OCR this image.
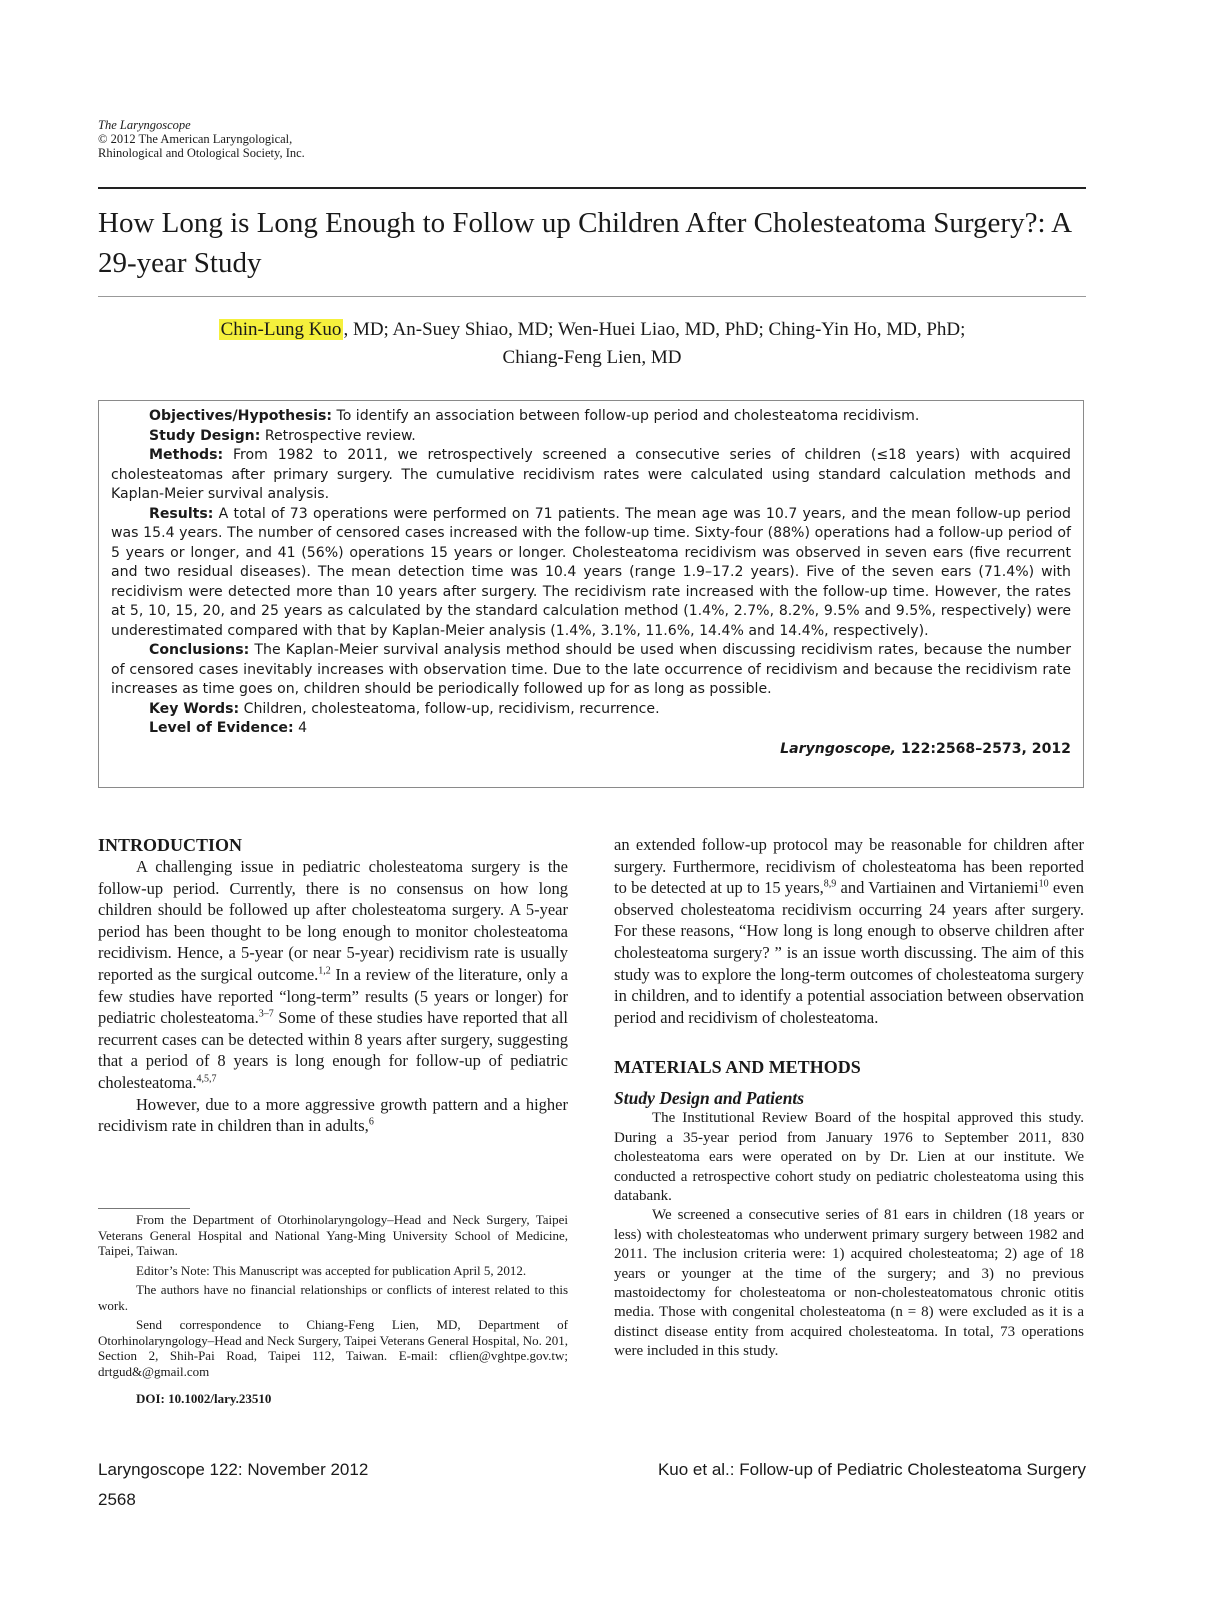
The Laryngoscope
© 2012 The American Laryngological,
Rhinological and Otological Society, Inc.
How Long is Long Enough to Follow up Children After Cholesteatoma Surgery?: A 29-year Study
Chin-Lung Kuo , MD; An-Suey Shiao, MD; Wen-Huei Liao, MD, PhD; Ching-Yin Ho, MD, PhD;
Chiang-Feng Lien, MD

Objectives/Hypothesis: To identify an association between follow-up period and cholesteatoma recidivism.

Study Design: Retrospective review.

Methods: From 1982 to 2011, we retrospectively screened a consecutive series of children (≤18 years) with acquired cholesteatomas after primary surgery. The cumulative recidivism rates were calculated using standard calculation methods and Kaplan-Meier survival analysis.

Results: A total of 73 operations were performed on 71 patients. The mean age was 10.7 years, and the mean follow-up period was 15.4 years. The number of censored cases increased with the follow-up time. Sixty-four (88%) operations had a follow-up period of 5 years or longer, and 41 (56%) operations 15 years or longer. Cholesteatoma recidivism was observed in seven ears (five recurrent and two residual diseases). The mean detection time was 10.4 years (range 1.9–17.2 years). Five of the seven ears (71.4%) with recidivism were detected more than 10 years after surgery. The recidivism rate increased with the follow-up time. However, the rates at 5, 10, 15, 20, and 25 years as calculated by the standard calculation method (1.4%, 2.7%, 8.2%, 9.5% and 9.5%, respectively) were underestimated compared with that by Kaplan-Meier analysis (1.4%, 3.1%, 11.6%, 14.4% and 14.4%, respectively).

Conclusions: The Kaplan-Meier survival analysis method should be used when discussing recidivism rates, because the number of censored cases inevitably increases with observation time. Due to the late occurrence of recidivism and because the recidivism rate increases as time goes on, children should be periodically followed up for as long as possible.

Key Words: Children, cholesteatoma, follow-up, recidivism, recurrence.

Level of Evidence: 4

Laryngoscope, 122:2568–2573, 2012
INTRODUCTION

A challenging issue in pediatric cholesteatoma surgery is the follow-up period. Currently, there is no consensus on how long children should be followed up after cholesteatoma surgery. A 5-year period has been thought to be long enough to monitor cholesteatoma recidivism. Hence, a 5-year (or near 5-year) recidivism rate is usually reported as the surgical outcome.$^{1,2}$ In a review of the literature, only a few studies have reported “long-term” results (5 years or longer) for pediatric cholesteatoma.$^{3-7}$ Some of these studies have reported that all recurrent cases can be detected within 8 years after surgery, suggesting that a period of 8 years is long enough for follow-up of pediatric cholesteatoma.$^{4,5,7}$

However, due to a more aggressive growth pattern and a higher recidivism rate in children than in adults,$^6$

From the Department of Otorhinolaryngology–Head and Neck Surgery, Taipei Veterans General Hospital and National Yang-Ming University School of Medicine, Taipei, Taiwan.

Editor’s Note: This Manuscript was accepted for publication April 5, 2012.

The authors have no financial relationships or conflicts of interest related to this work.

Send correspondence to Chiang-Feng Lien, MD, Department of Otorhinolaryngology–Head and Neck Surgery, Taipei Veterans General Hospital, No. 201, Section 2, Shih-Pai Road, Taipei 112, Taiwan. E-mail: cflien@vghtpe.gov.tw; drtgud&@gmail.com

DOI: 10.1002/lary.23510

an extended follow-up protocol may be reasonable for children after surgery. Furthermore, recidivism of cholesteatoma has been reported to be detected at up to 15 years,$^{8,9}$ and Vartiainen and Virtaniemi$^{10}$ even observed cholesteatoma recidivism occurring 24 years after surgery. For these reasons, “How long is long enough to observe children after cholesteatoma surgery? ” is an issue worth discussing. The aim of this study was to explore the long-term outcomes of cholesteatoma surgery in children, and to identify a potential association between observation period and recidivism of cholesteatoma.

MATERIALS AND METHODS
Study Design and Patients

The Institutional Review Board of the hospital approved this study. During a 35-year period from January 1976 to September 2011, 830 cholesteatoma ears were operated on by Dr. Lien at our institute. We conducted a retrospective cohort study on pediatric cholesteatoma using this databank.

We screened a consecutive series of 81 ears in children (18 years or less) with cholesteatomas who underwent primary surgery between 1982 and 2011. The inclusion criteria were: 1) acquired cholesteatoma; 2) age of 18 years or younger at the time of the surgery; and 3) no previous mastoidectomy for cholesteatoma or non-cholesteatomatous chronic otitis media. Those with congenital cholesteatoma (n = 8) were excluded as it is a distinct disease entity from acquired cholesteatoma. In total, 73 operations were included in this study.

Laryngoscope 122: November 2012	Kuo et al.: Follow-up of Pediatric Cholesteatoma Surgery
2568
